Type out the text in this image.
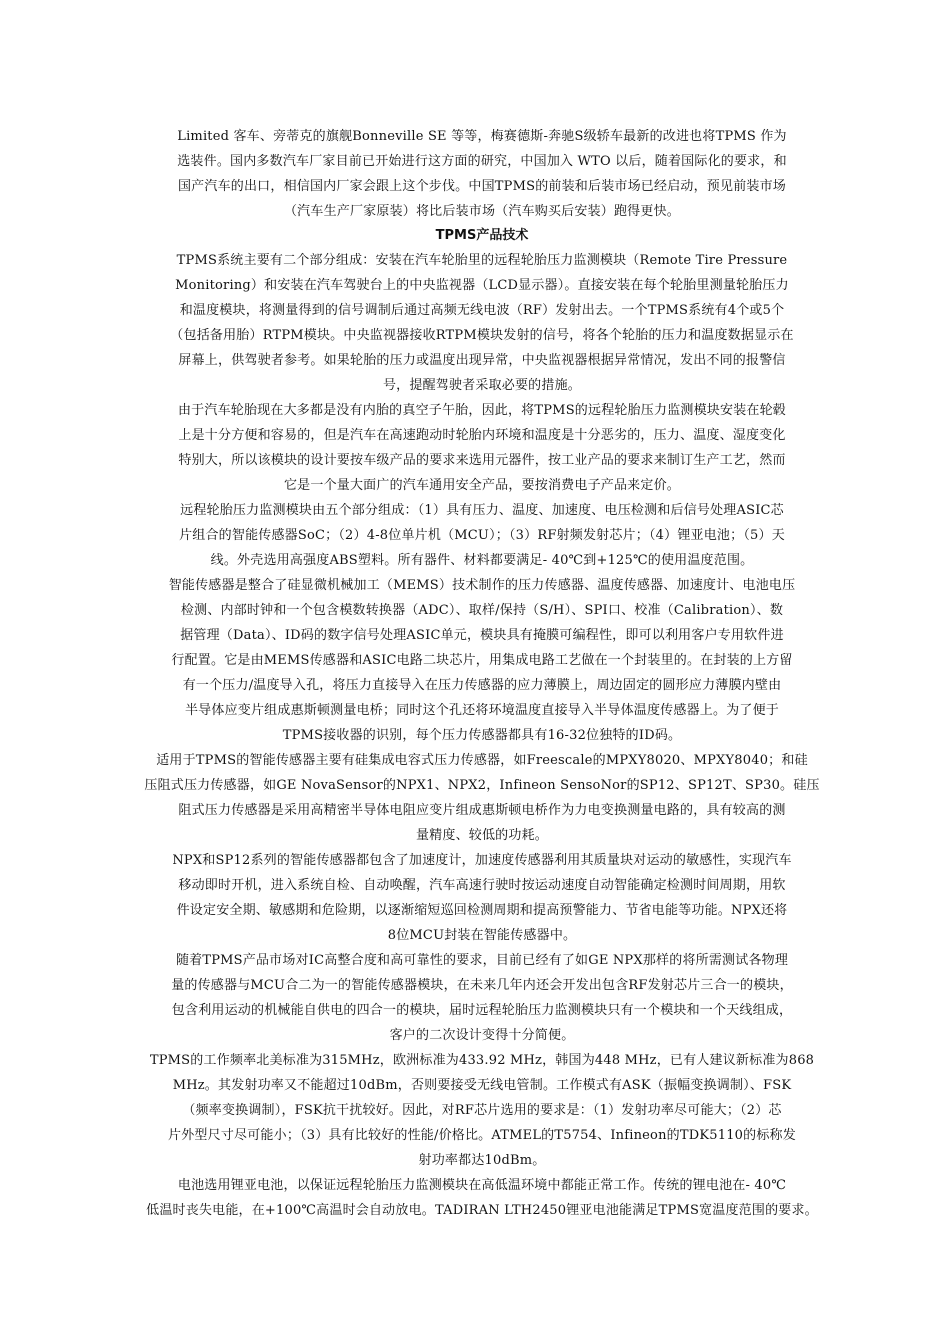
Limited 客车、旁蒂克的旗舰Bonneville SE 等等，梅赛德斯-奔驰S级轿车最新的改进也将TPMS 作为
选装件。国内多数汽车厂家目前已开始进行这方面的研究，中国加入 WTO 以后，随着国际化的要求，和
国产汽车的出口，相信国内厂家会跟上这个步伐。中国TPMS的前装和后装市场已经启动，预见前装市场
（汽车生产厂家原装）将比后装市场（汽车购买后安装）跑得更快。

TPMS产品技术

TPMS系统主要有二个部分组成：安装在汽车轮胎里的远程轮胎压力监测模块（Remote Tire Pressure
Monitoring）和安装在汽车驾驶台上的中央监视器（LCD显示器）。直接安装在每个轮胎里测量轮胎压力
和温度模块，将测量得到的信号调制后通过高频无线电波（RF）发射出去。一个TPMS系统有4个或5个
（包括备用胎）RTPM模块。中央监视器接收RTPM模块发射的信号，将各个轮胎的压力和温度数据显示在
屏幕上，供驾驶者参考。如果轮胎的压力或温度出现异常，中央监视器根据异常情况，发出不同的报警信
号，提醒驾驶者采取必要的措施。

由于汽车轮胎现在大多都是没有内胎的真空子午胎，因此，将TPMS的远程轮胎压力监测模块安装在轮毂
上是十分方便和容易的，但是汽车在高速跑动时轮胎内环境和温度是十分恶劣的，压力、温度、湿度变化
特别大，所以该模块的设计要按车级产品的要求来选用元器件，按工业产品的要求来制订生产工艺，然而
它是一个量大面广的汽车通用安全产品，要按消费电子产品来定价。

远程轮胎压力监测模块由五个部分组成：（1）具有压力、温度、加速度、电压检测和后信号处理ASIC芯
片组合的智能传感器SoC；（2）4-8位单片机（MCU）；（3）RF射频发射芯片；（4）锂亚电池；（5）天
线。外壳选用高强度ABS塑料。所有器件、材料都要满足- 40℃到+125℃的使用温度范围。

智能传感器是整合了硅显微机械加工（MEMS）技术制作的压力传感器、温度传感器、加速度计、电池电压
检测、内部时钟和一个包含模数转换器（ADC）、取样/保持（S/H）、SPI口、校准（Calibration）、数
据管理（Data）、ID码的数字信号处理ASIC单元，模块具有掩膜可编程性，即可以利用客户专用软件进
行配置。它是由MEMS传感器和ASIC电路二块芯片，用集成电路工艺做在一个封装里的。在封装的上方留
有一个压力/温度导入孔，将压力直接导入在压力传感器的应力薄膜上，周边固定的圆形应力薄膜内壁由
半导体应变片组成惠斯顿测量电桥；同时这个孔还将环境温度直接导入半导体温度传感器上。为了便于
TPMS接收器的识别，每个压力传感器都具有16-32位独特的ID码。

适用于TPMS的智能传感器主要有硅集成电容式压力传感器，如Freescale的MPXY8020、MPXY8040；和硅
压阻式压力传感器，如GE NovaSensor的NPX1、NPX2，Infineon SensoNor的SP12、SP12T、SP30。硅压
阻式压力传感器是采用高精密半导体电阻应变片组成惠斯顿电桥作为力电变换测量电路的，具有较高的测
量精度、较低的功耗。

NPX和SP12系列的智能传感器都包含了加速度计，加速度传感器利用其质量块对运动的敏感性，实现汽车
移动即时开机，进入系统自检、自动唤醒，汽车高速行驶时按运动速度自动智能确定检测时间周期，用软
件设定安全期、敏感期和危险期，以逐渐缩短巡回检测周期和提高预警能力、节省电能等功能。NPX还将
8位MCU封装在智能传感器中。

随着TPMS产品市场对IC高整合度和高可靠性的要求，目前已经有了如GE NPX那样的将所需测试各物理
量的传感器与MCU合二为一的智能传感器模块，在未来几年内还会开发出包含RF发射芯片三合一的模块，
包含利用运动的机械能自供电的四合一的模块，届时远程轮胎压力监测模块只有一个模块和一个天线组成，
客户的二次设计变得十分简便。

TPMS的工作频率北美标准为315MHz，欧洲标准为433.92 MHz，韩国为448 MHz，已有人建议新标准为868
MHz。其发射功率又不能超过10dBm，否则要接受无线电管制。工作模式有ASK（振幅变换调制）、FSK
（频率变换调制），FSK抗干扰较好。因此，对RF芯片选用的要求是：（1）发射功率尽可能大；（2）芯
片外型尺寸尽可能小；（3）具有比较好的性能/价格比。ATMEL的T5754、Infineon的TDK5110的标称发
射功率都达10dBm。

电池选用锂亚电池，以保证远程轮胎压力监测模块在高低温环境中都能正常工作。传统的锂电池在- 40℃
低温时丧失电能，在+100℃高温时会自动放电。TADIRAN LTH2450锂亚电池能满足TPMS宽温度范围的要求。
